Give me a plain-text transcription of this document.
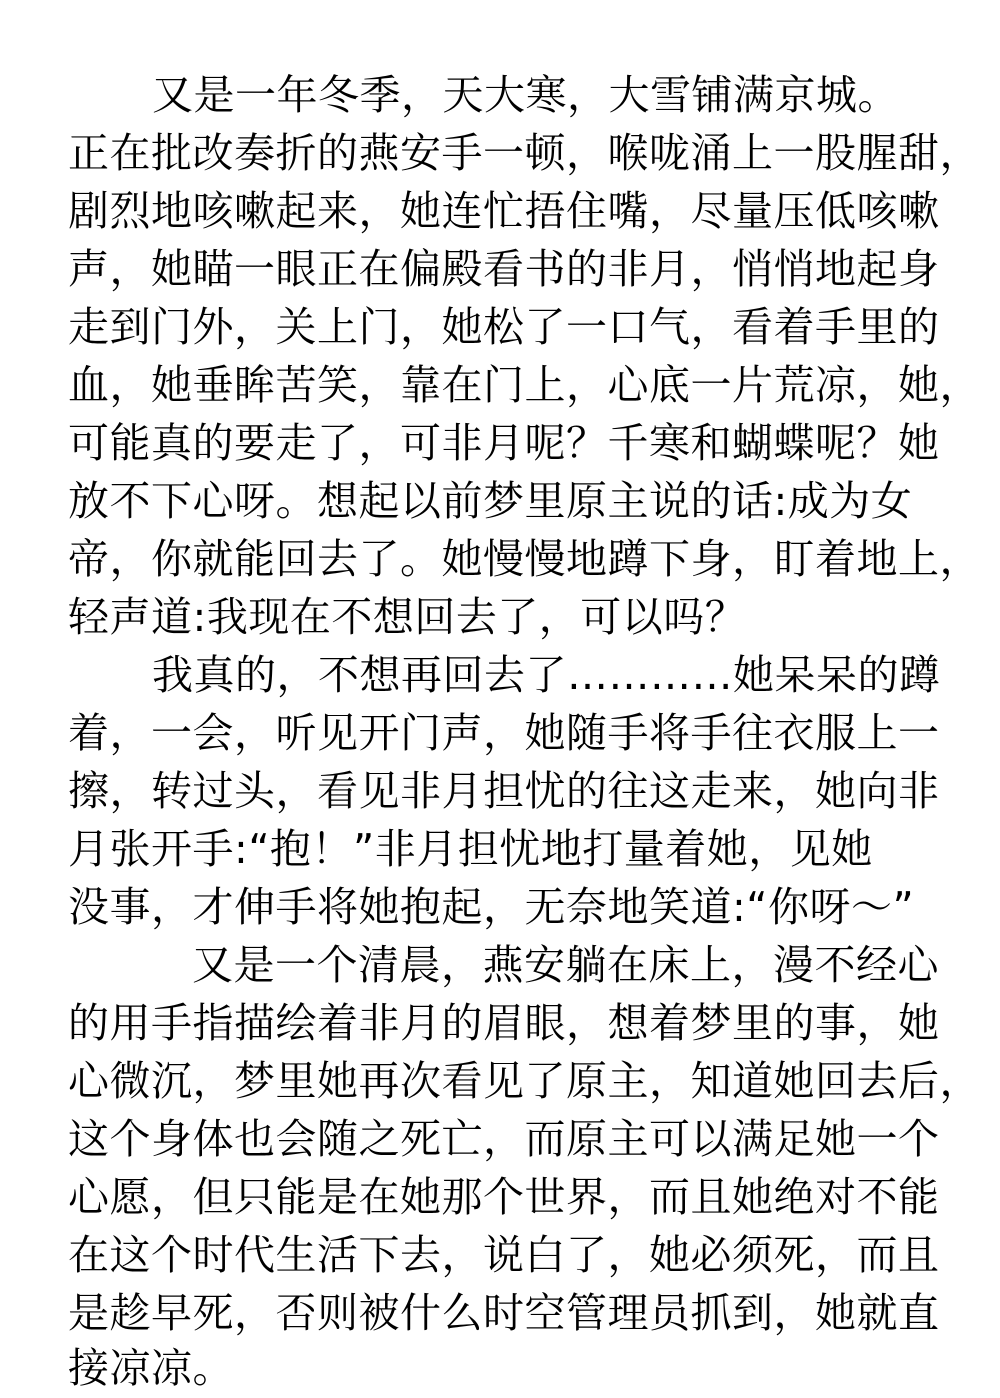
又是一年冬季，天大寒，大雪铺满京城。

正在批改奏折的燕安手一顿，喉咙涌上一股腥甜，

剧烈地咳嗽起来，她连忙捂住嘴，尽量压低咳嗽

声，她瞄一眼正在偏殿看书的非月，悄悄地起身

走到门外，关上门，她松了一口气，看着手里的

血，她垂眸苦笑，靠在门上，心底一片荒凉，她，

可能真的要走了，可非月呢？千寒和蝴蝶呢？她

放不下心呀。想起以前梦里原主说的话:成为女

帝，你就能回去了。她慢慢地蹲下身，盯着地上，

轻声道:我现在不想回去了，可以吗？

我真的，不想再回去了…………她呆呆的蹲

着，一会，听见开门声，她随手将手往衣服上一

擦，转过头，看见非月担忧的往这走来，她向非

月张开手:“抱！”非月担忧地打量着她，见她

没事，才伸手将她抱起，无奈地笑道:“你呀～”

又是一个清晨，燕安躺在床上，漫不经心

的用手指描绘着非月的眉眼，想着梦里的事，她

心微沉，梦里她再次看见了原主，知道她回去后，

这个身体也会随之死亡，而原主可以满足她一个

心愿，但只能是在她那个世界，而且她绝对不能

在这个时代生活下去，说白了，她必须死，而且

是趁早死，否则被什么时空管理员抓到，她就直

接凉凉。
